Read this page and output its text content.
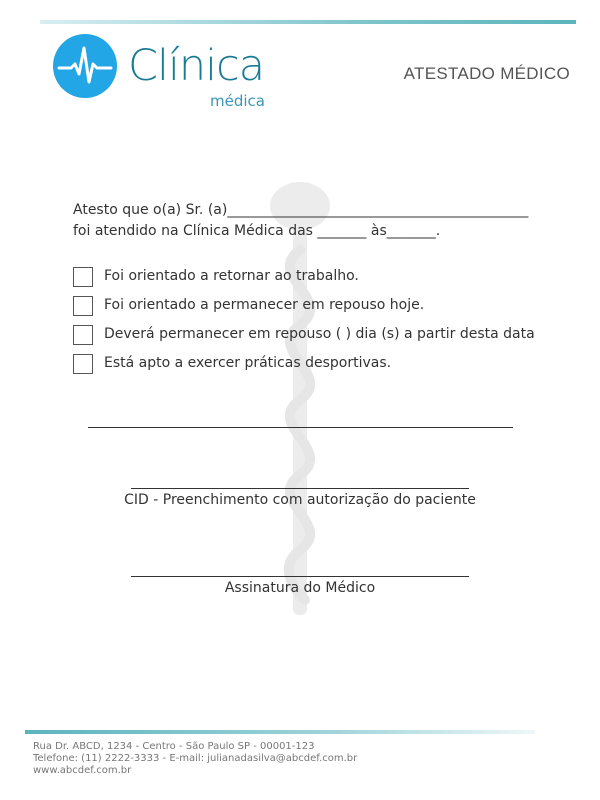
Clínica
médica
ATESTADO MÉDICO
Atesto que o(a) Sr. (a)___________________________________________
foi atendido na Clínica Médica das _______ às_______.
Foi orientado a retornar ao trabalho.
Foi orientado a permanecer em repouso hoje.
Deverá permanecer em repouso ( ) dia (s) a partir desta data
Está apto a exercer práticas desportivas.
CID - Preenchimento com autorização do paciente
Assinatura do Médico
Rua Dr. ABCD, 1234 - Centro - São Paulo SP - 00001-123
Telefone: (11) 2222-3333 - E-mail: julianadasilva@abcdef.com.br
www.abcdef.com.br
